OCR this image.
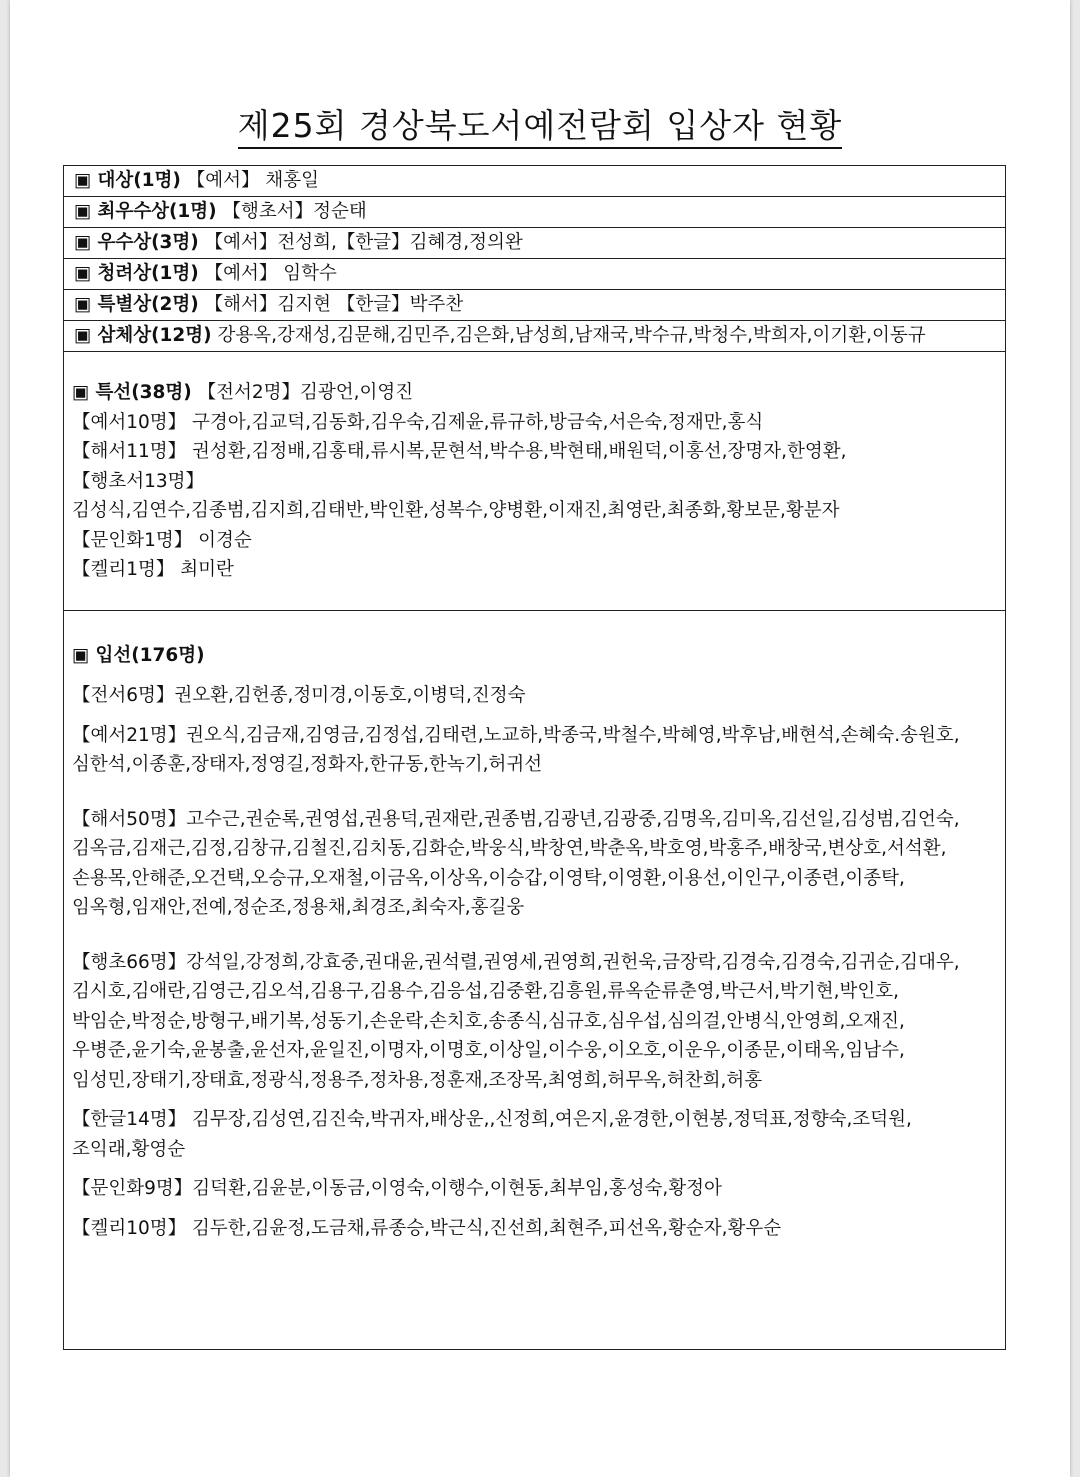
제25회 경상북도서예전람회 입상자 현황
▣ 대상(1명) 【예서】 채홍일
▣ 최우수상(1명) 【행초서】정순태
▣ 우수상(3명) 【예서】전성희,【한글】김혜경,정의완
▣ 청려상(1명) 【예서】 임학수
▣ 특별상(2명) 【해서】김지현 【한글】박주찬
▣ 삼체상(12명) 강용옥,강재성,김문해,김민주,김은화,남성희,남재국,박수규,박청수,박희자,이기환,이동규
▣ 특선(38명) 【전서2명】김광언,이영진
【예서10명】 구경아,김교덕,김동화,김우숙,김제윤,류규하,방금숙,서은숙,정재만,홍식
【해서11명】 권성환,김정배,김홍태,류시복,문현석,박수용,박현태,배원덕,이홍선,장명자,한영환,
【행초서13명】
김성식,김연수,김종범,김지희,김태반,박인환,성복수,양병환,이재진,최영란,최종화,황보문,황분자
【문인화1명】 이경순
【켈리1명】 최미란
▣ 입선(176명)
【전서6명】권오환,김헌종,정미경,이동호,이병덕,진정숙
【예서21명】권오식,김금재,김영금,김정섭,김태련,노교하,박종국,박철수,박혜영,박후남,배현석,손혜숙.송원호,
심한석,이종훈,장태자,정영길,정화자,한규동,한녹기,허귀선
【해서50명】고수근,권순록,권영섭,권용덕,권재란,권종범,김광년,김광중,김명옥,김미옥,김선일,김성범,김언숙,
김옥금,김재근,김정,김창규,김철진,김치동,김화순,박웅식,박창연,박춘옥,박호영,박홍주,배창국,변상호,서석환,
손용목,안해준,오건택,오승규,오재철,이금옥,이상옥,이승갑,이영탁,이영환,이용선,이인구,이종련,이종탁,
임옥형,임재안,전예,정순조,정용채,최경조,최숙자,홍길웅
【행초66명】강석일,강정희,강효중,권대윤,권석렬,권영세,권영희,권헌욱,금장락,김경숙,김경숙,김귀순,김대우,
김시호,김애란,김영근,김오석,김용구,김용수,김응섭,김중환,김흥원,류옥순류춘영,박근서,박기현,박인호,
박임순,박정순,방형구,배기복,성동기,손운락,손치호,송종식,심규호,심우섭,심의걸,안병식,안영희,오재진,
우병준,윤기숙,윤봉출,윤선자,윤일진,이명자,이명호,이상일,이수웅,이오호,이운우,이종문,이태옥,임남수,
임성민,장태기,장태효,정광식,정용주,정차용,정훈재,조장목,최영희,허무옥,허찬희,허홍
【한글14명】 김무장,김성연,김진숙,박귀자,배상운,,신정희,여은지,윤경한,이현봉,정덕표,정향숙,조덕원,
조익래,황영순
【문인화9명】김덕환,김윤분,이동금,이영숙,이행수,이현동,최부임,홍성숙,황정아
【켈리10명】 김두한,김윤정,도금채,류종승,박근식,진선희,최현주,피선옥,황순자,황우순
